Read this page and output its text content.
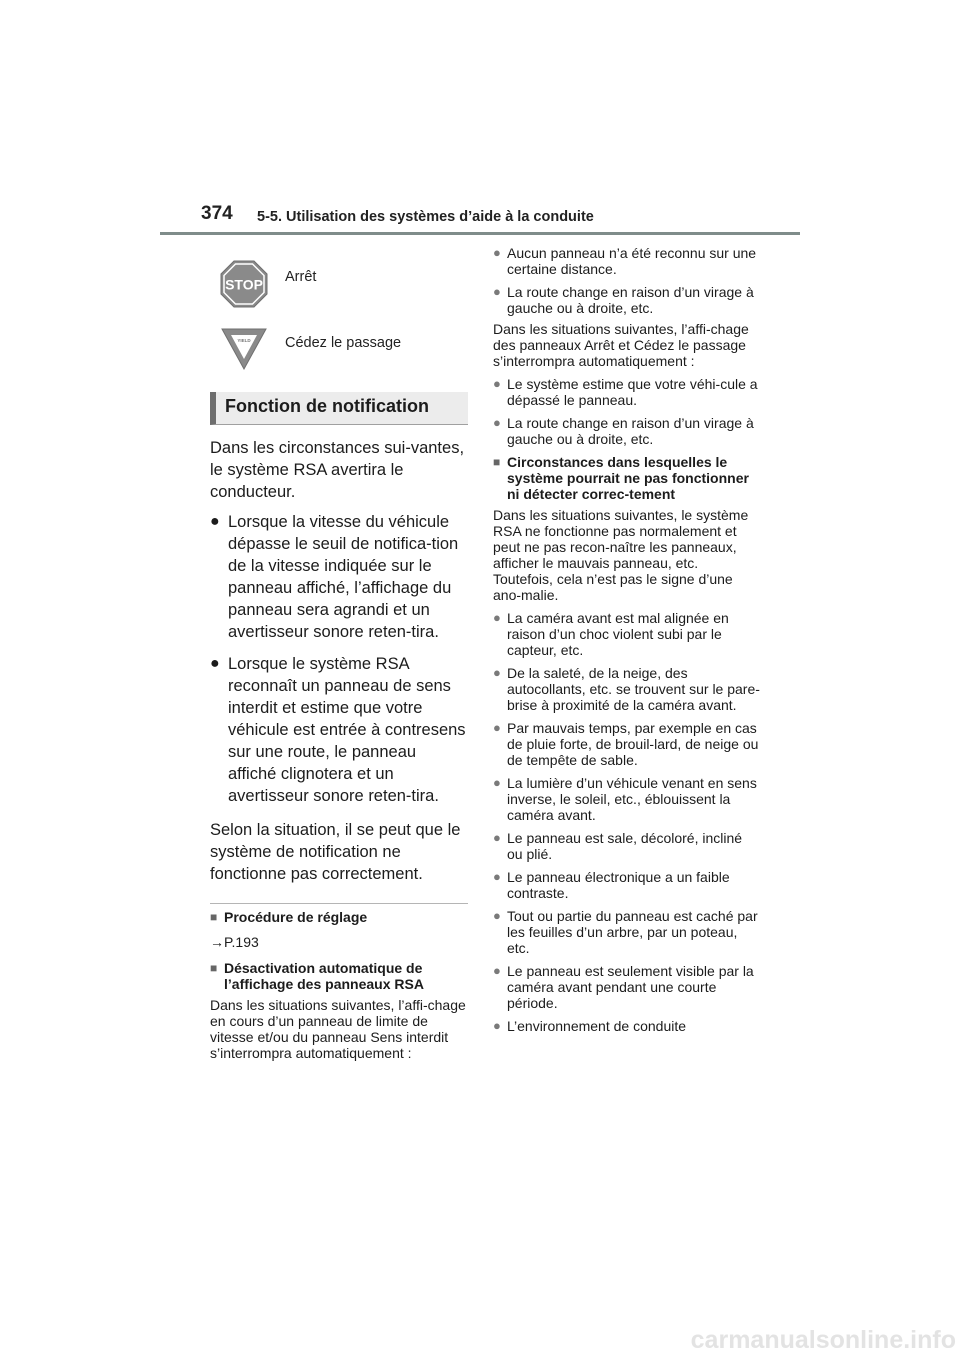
374 5-5. Utilisation des systèmes d’aide à la conduite
STOP Arrêt
YIELD Cédez le passage
Fonction de notification

Dans les circonstances sui-vantes, le système RSA avertira le conducteur.

● Lorsque la vitesse du véhicule dépasse le seuil de notifica-tion de la vitesse indiquée sur le panneau affiché, l’affichage du panneau sera agrandi et un avertisseur sonore reten-tira.
● Lorsque le système RSA reconnaît un panneau de sens interdit et estime que votre véhicule est entrée à contresens sur une route, le panneau affiché clignotera et un avertisseur sonore reten-tira.

Selon la situation, il se peut que le système de notification ne fonctionne pas correctement.

■ Procédure de réglage
→P.193
■ Désactivation automatique de l’affichage des panneaux RSA

Dans les situations suivantes, l’affi-chage en cours d’un panneau de limite de vitesse et/ou du panneau Sens interdit s’interrompra automatiquement :

● Aucun panneau n’a été reconnu sur une certaine distance.
● La route change en raison d’un virage à gauche ou à droite, etc.

Dans les situations suivantes, l’affi-chage des panneaux Arrêt et Cédez le passage s’interrompra automatiquement :

● Le système estime que votre véhi-cule a dépassé le panneau.
● La route change en raison d’un virage à gauche ou à droite, etc.
■ Circonstances dans lesquelles le système pourrait ne pas fonctionner ni détecter correc-tement

Dans les situations suivantes, le système RSA ne fonctionne pas normalement et peut ne pas recon-naître les panneaux, afficher le mauvais panneau, etc. Toutefois, cela n’est pas le signe d’une ano-malie.

● La caméra avant est mal alignée en raison d’un choc violent subi par le capteur, etc.
● De la saleté, de la neige, des autocollants, etc. se trouvent sur le pare-brise à proximité de la caméra avant.
● Par mauvais temps, par exemple en cas de pluie forte, de brouil-lard, de neige ou de tempête de sable.
● La lumière d’un véhicule venant en sens inverse, le soleil, etc., éblouissent la caméra avant.
● Le panneau est sale, décoloré, incliné ou plié.
● Le panneau électronique a un faible contraste.
● Tout ou partie du panneau est caché par les feuilles d’un arbre, par un poteau, etc.
● Le panneau est seulement visible par la caméra avant pendant une courte période.
● L’environnement de conduite
carmanualsonline.info
